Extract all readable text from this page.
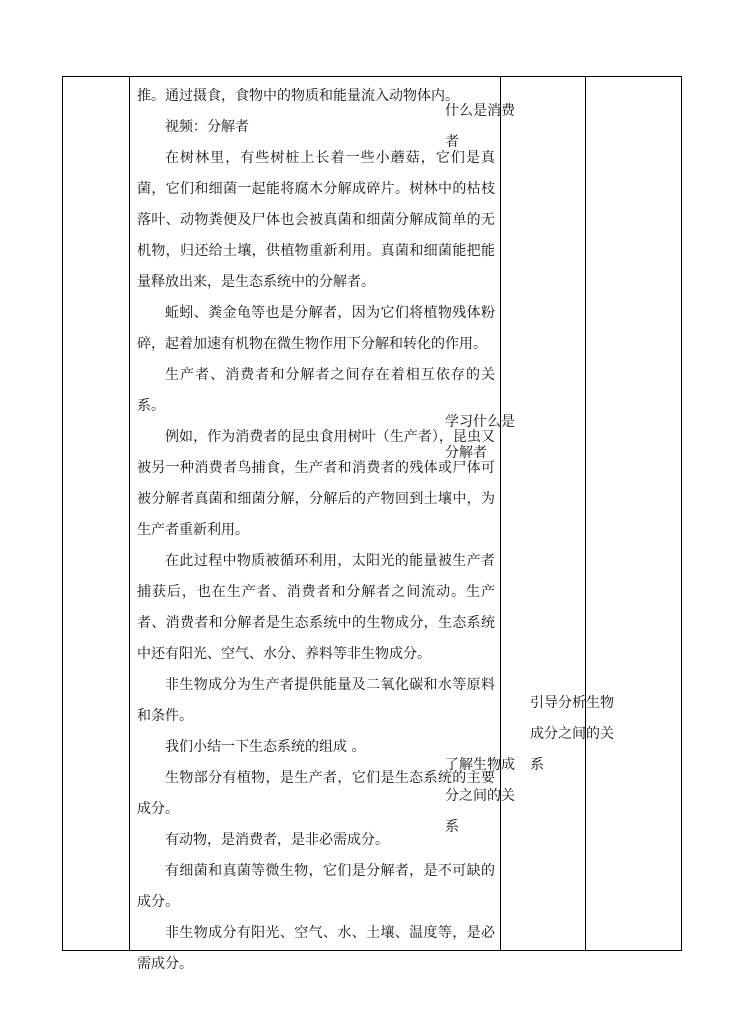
推。通过摄食，食物中的物质和能量流入动物体内。

视频：分解者

在树林里，有些树桩上长着一些小蘑菇，它们是真菌，它们和细菌一起能将腐木分解成碎片。树林中的枯枝落叶、动物粪便及尸体也会被真菌和细菌分解成简单的无机物，归还给土壤，供植物重新利用。真菌和细菌能把能量释放出来，是生态系统中的分解者。

蚯蚓、粪金龟等也是分解者，因为它们将植物残体粉碎，起着加速有机物在微生物作用下分解和转化的作用。

生产者、消费者和分解者之间存在着相互依存的关系。

例如，作为消费者的昆虫食用树叶（生产者），昆虫又被另一种消费者鸟捕食，生产者和消费者的残体或尸体可被分解者真菌和细菌分解，分解后的产物回到土壤中，为生产者重新利用。

在此过程中物质被循环利用，太阳光的能量被生产者捕获后，也在生产者、消费者和分解者之间流动。生产者、消费者和分解者是生态系统中的生物成分，生态系统中还有阳光、空气、水分、养料等非生物成分。

非生物成分为生产者提供能量及二氧化碳和水等原料和条件。

我们小结一下生态系统的组成 。

生物部分有植物，是生产者，它们是生态系统的主要成分。

有动物，是消费者，是非必需成分。

有细菌和真菌等微生物，它们是分解者，是不可缺的成分。

非生物成分有阳光、空气、水、土壤、温度等，是必需成分。

什么是消费者

学习什么是分解者

了解生物成分之间的关系

引导分析生物成分之间的关系
